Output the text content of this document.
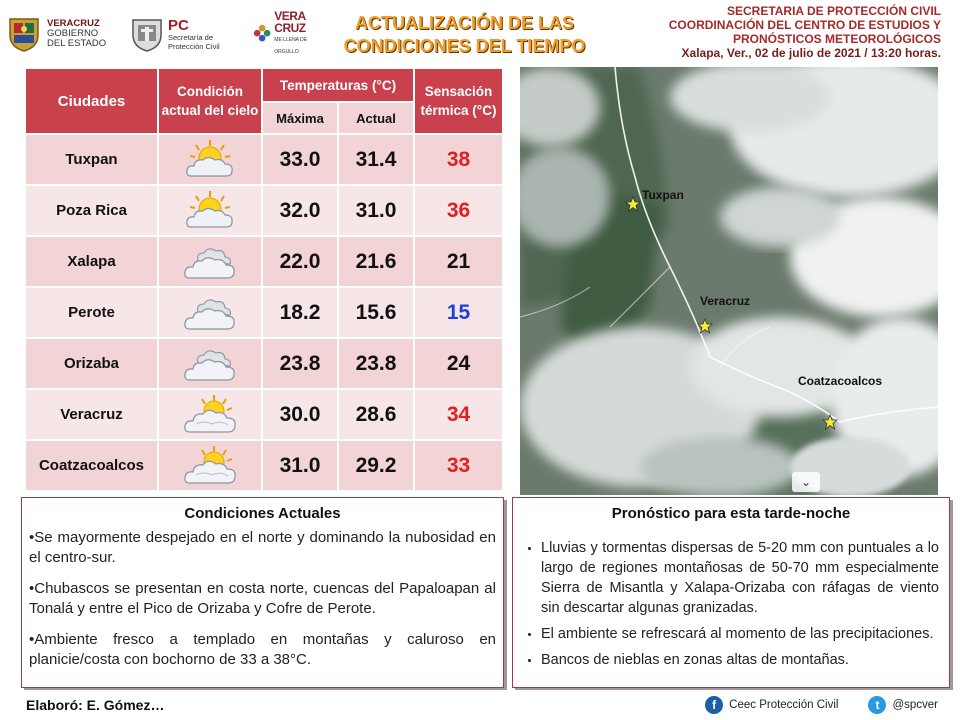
VERACRUZ
GOBIERNO
DEL ESTADO
PC
Secretaría de
Protección Civil
VERA
CRUZ
ME LLENA DE ORGULLO
ACTUALIZACIÓN DE LAS
CONDICIONES DEL TIEMPO
SECRETARIA DE PROTECCIÓN CIVIL
COORDINACIÓN DEL CENTRO DE ESTUDIOS Y
PRONÓSTICOS METEOROLÓGICOS
Xalapa, Ver., 02 de julio de 2021 / 13:20 horas.
Ciudades	Condición actual del cielo	Temperaturas (°C)		Sensación térmica (°C)
		Máxima	Actual	
Tuxpan		33.0	31.4	38
Poza Rica		32.0	31.0	36
Xalapa		22.0	21.6	21
Perote		18.2	15.6	15
Orizaba		23.8	23.8	24
Veracruz		30.0	28.6	34
Coatzacoalcos		31.0	29.2	33
Tuxpan
Veracruz
Coatzacoalcos
⌄
Condiciones Actuales
•Se mayormente despejado en el norte y dominando la nubosidad en el centro-sur.
•Chubascos se presentan en costa norte, cuencas del Papaloapan al Tonalá y entre el Pico de Orizaba y Cofre de Perote.
•Ambiente fresco a templado en montañas y caluroso en planicie/costa con bochorno de 33 a 38°C.
Pronóstico para esta tarde-noche
• Lluvias y tormentas dispersas de 5-20 mm con puntuales a lo largo de regiones montañosas de 50-70 mm especialmente Sierra de Misantla y Xalapa-Orizaba con ráfagas de viento sin descartar algunas granizadas.
• El ambiente se refrescará al momento de las precipitaciones.
• Bancos de nieblas en zonas altas de montañas.
Elaboró: E. Gómez…	f	Ceec Protección Civil	t	@spcver
